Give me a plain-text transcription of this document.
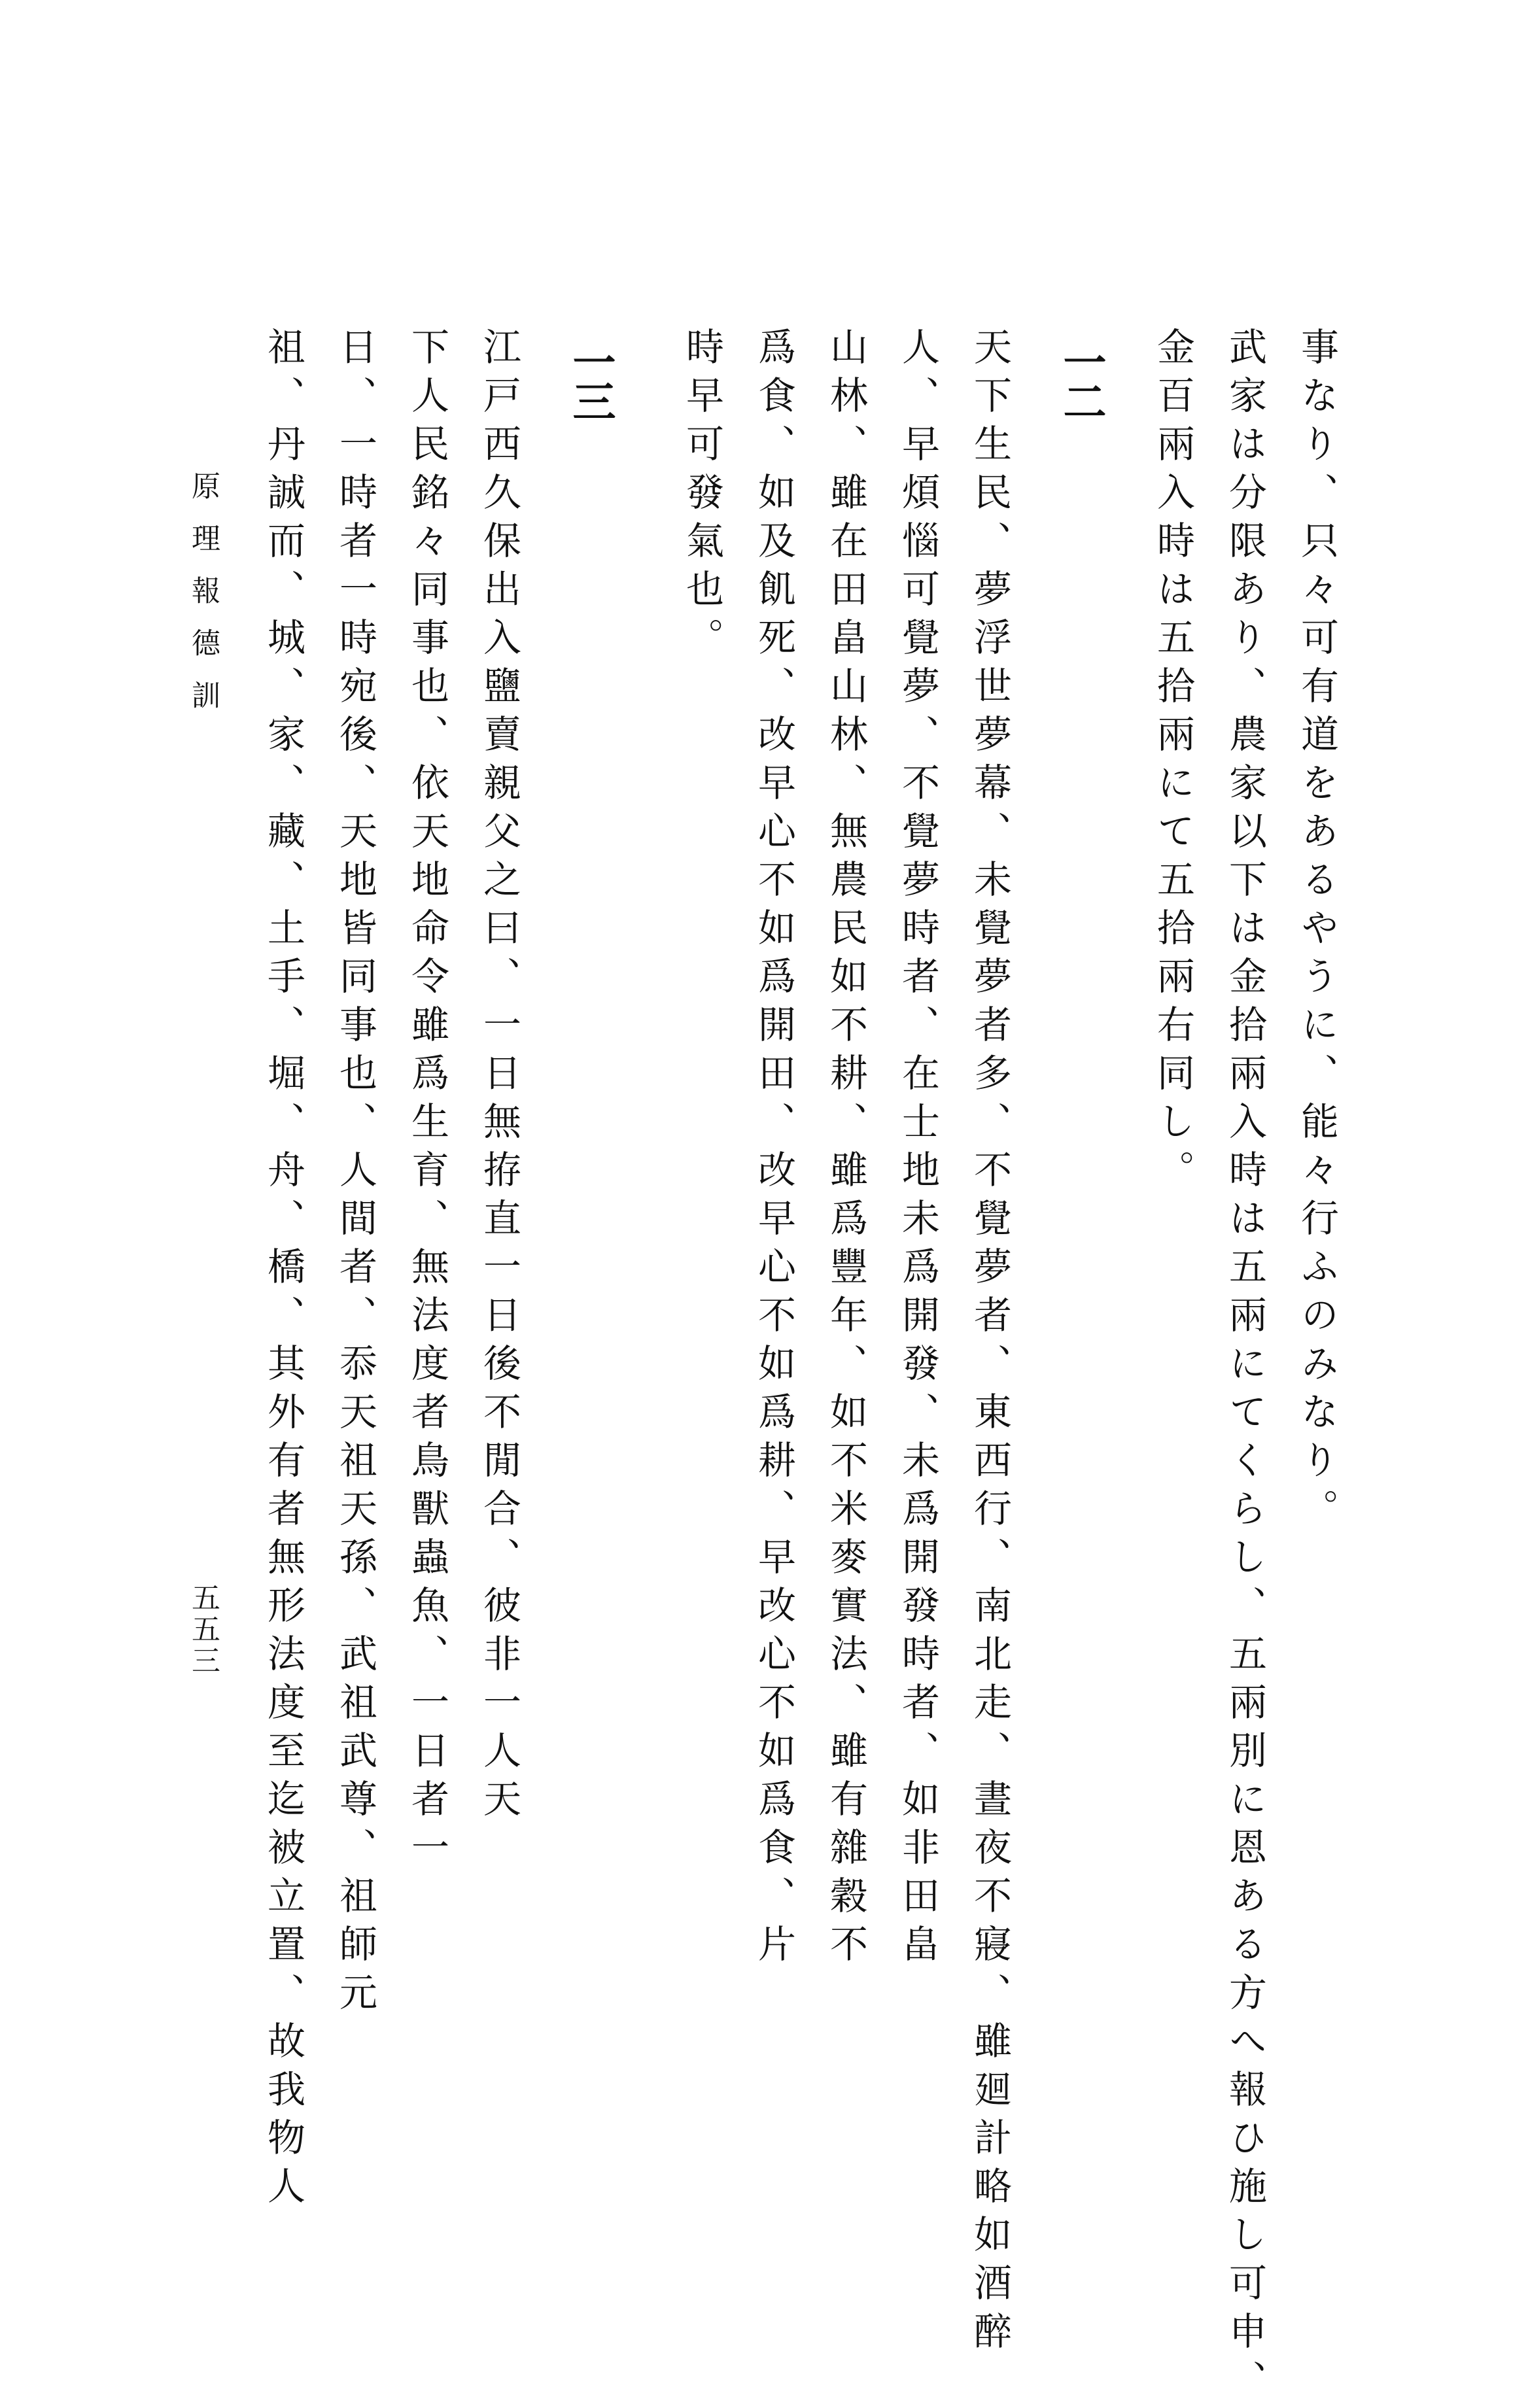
事なり、只々可有道をあるやうに、能々行ふのみなり。
武家は分限あり、農家以下は金拾兩入時は五兩にてくらし、五兩別に恩ある方へ報ひ施し可申、
金百兩入時は五拾兩にて五拾兩右同し。
一二
天下生民、夢浮世夢幕、未覺夢者多、不覺夢者、東西行、南北走、晝夜不寢、雖廻計略如酒醉
人、早煩惱可覺夢、不覺夢時者、在士地未爲開發、未爲開發時者、如非田畠
山林、雖在田畠山林、無農民如不耕、雖爲豐年、如不米麥實法、雖有雜穀不
爲食、如及飢死、改早心不如爲開田、改早心不如爲耕、早改心不如爲食、片
時早可發氣也。
一三
江戸西久保出入鹽賣親父之曰、一日無拵直一日後不閒合、彼非一人天
下人民銘々同事也、依天地命令雖爲生育、無法度者鳥獸蟲魚、一日者一
日、一時者一時宛後、天地皆同事也、人間者、忝天祖天孫、武祖武尊、祖師元
祖、丹誠而、城、家、藏、土手、堀、舟、橋、其外有者無形法度至迄被立置、故我物人
原理報德訓
五五三
